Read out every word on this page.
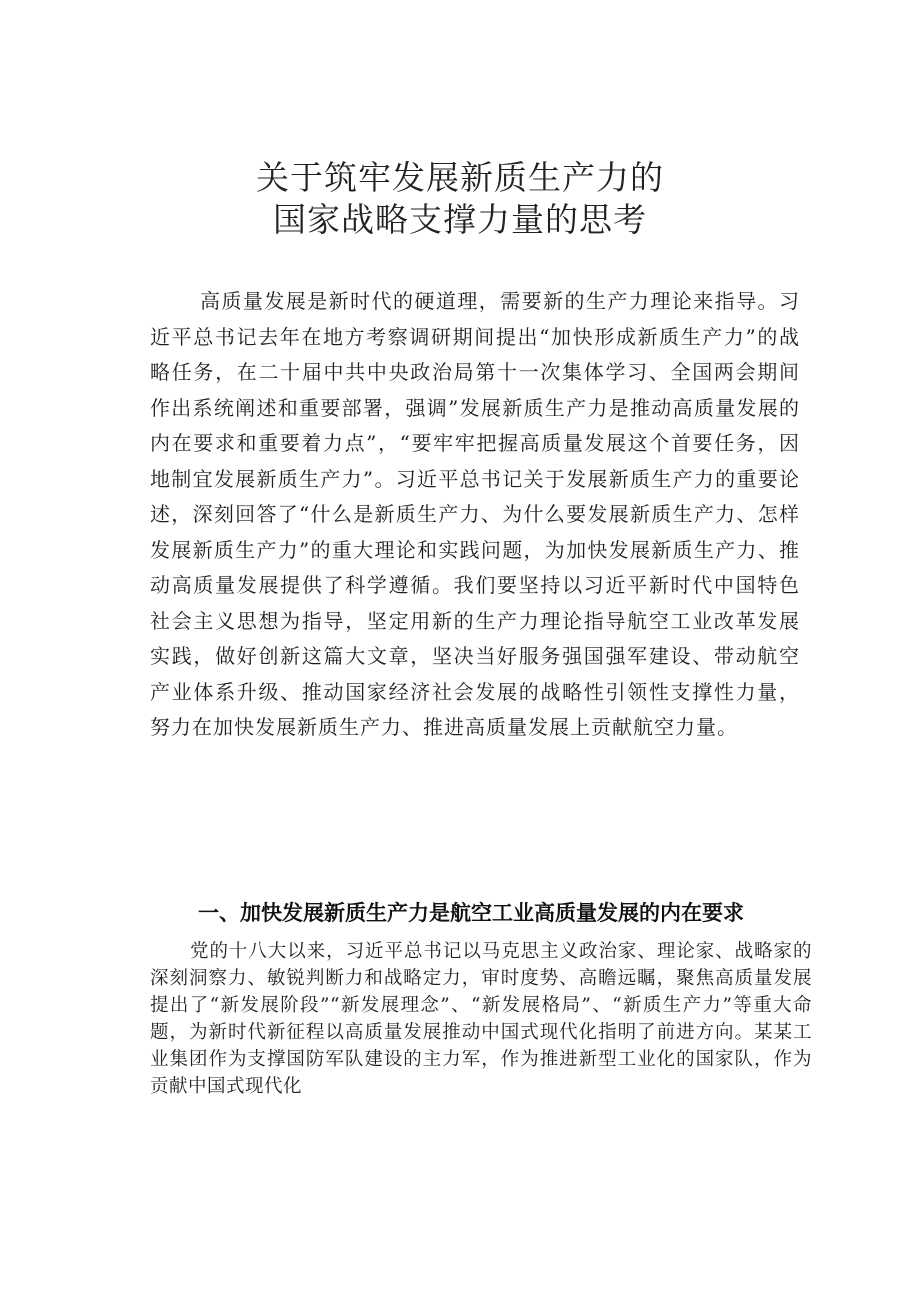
关于筑牢发展新质生产力的
国家战略支撑力量的思考

高质量发展是新时代的硬道理，需要新的生产力理论来指导。习近平总书记去年在地方考察调研期间提出“加快形成新质生产力”的战略任务，在二十届中共中央政治局第十一次集体学习、全国两会期间作出系统阐述和重要部署，强调”发展新质生产力是推动高质量发展的内在要求和重要着力点”，“要牢牢把握高质量发展这个首要任务，因地制宜发展新质生产力”。习近平总书记关于发展新质生产力的重要论述，深刻回答了“什么是新质生产力、为什么要发展新质生产力、怎样发展新质生产力”的重大理论和实践问题，为加快发展新质生产力、推动高质量发展提供了科学遵循。我们要坚持以习近平新时代中国特色社会主义思想为指导，坚定用新的生产力理论指导航空工业改革发展实践，做好创新这篇大文章，坚决当好服务强国强军建设、带动航空产业体系升级、推动国家经济社会发展的战略性引领性支撑性力量，努力在加快发展新质生产力、推进高质量发展上贡献航空力量。

一、加快发展新质生产力是航空工业高质量发展的内在要求

党的十八大以来，习近平总书记以马克思主义政治家、理论家、战略家的深刻洞察力、敏锐判断力和战略定力，审时度势、高瞻远瞩，聚焦高质量发展提出了“新发展阶段”“新发展理念”、“新发展格局”、“新质生产力”等重大命题，为新时代新征程以高质量发展推动中国式现代化指明了前进方向。某某工业集团作为支撑国防军队建设的主力军，作为推进新型工业化的国家队，作为贡献中国式现代化
